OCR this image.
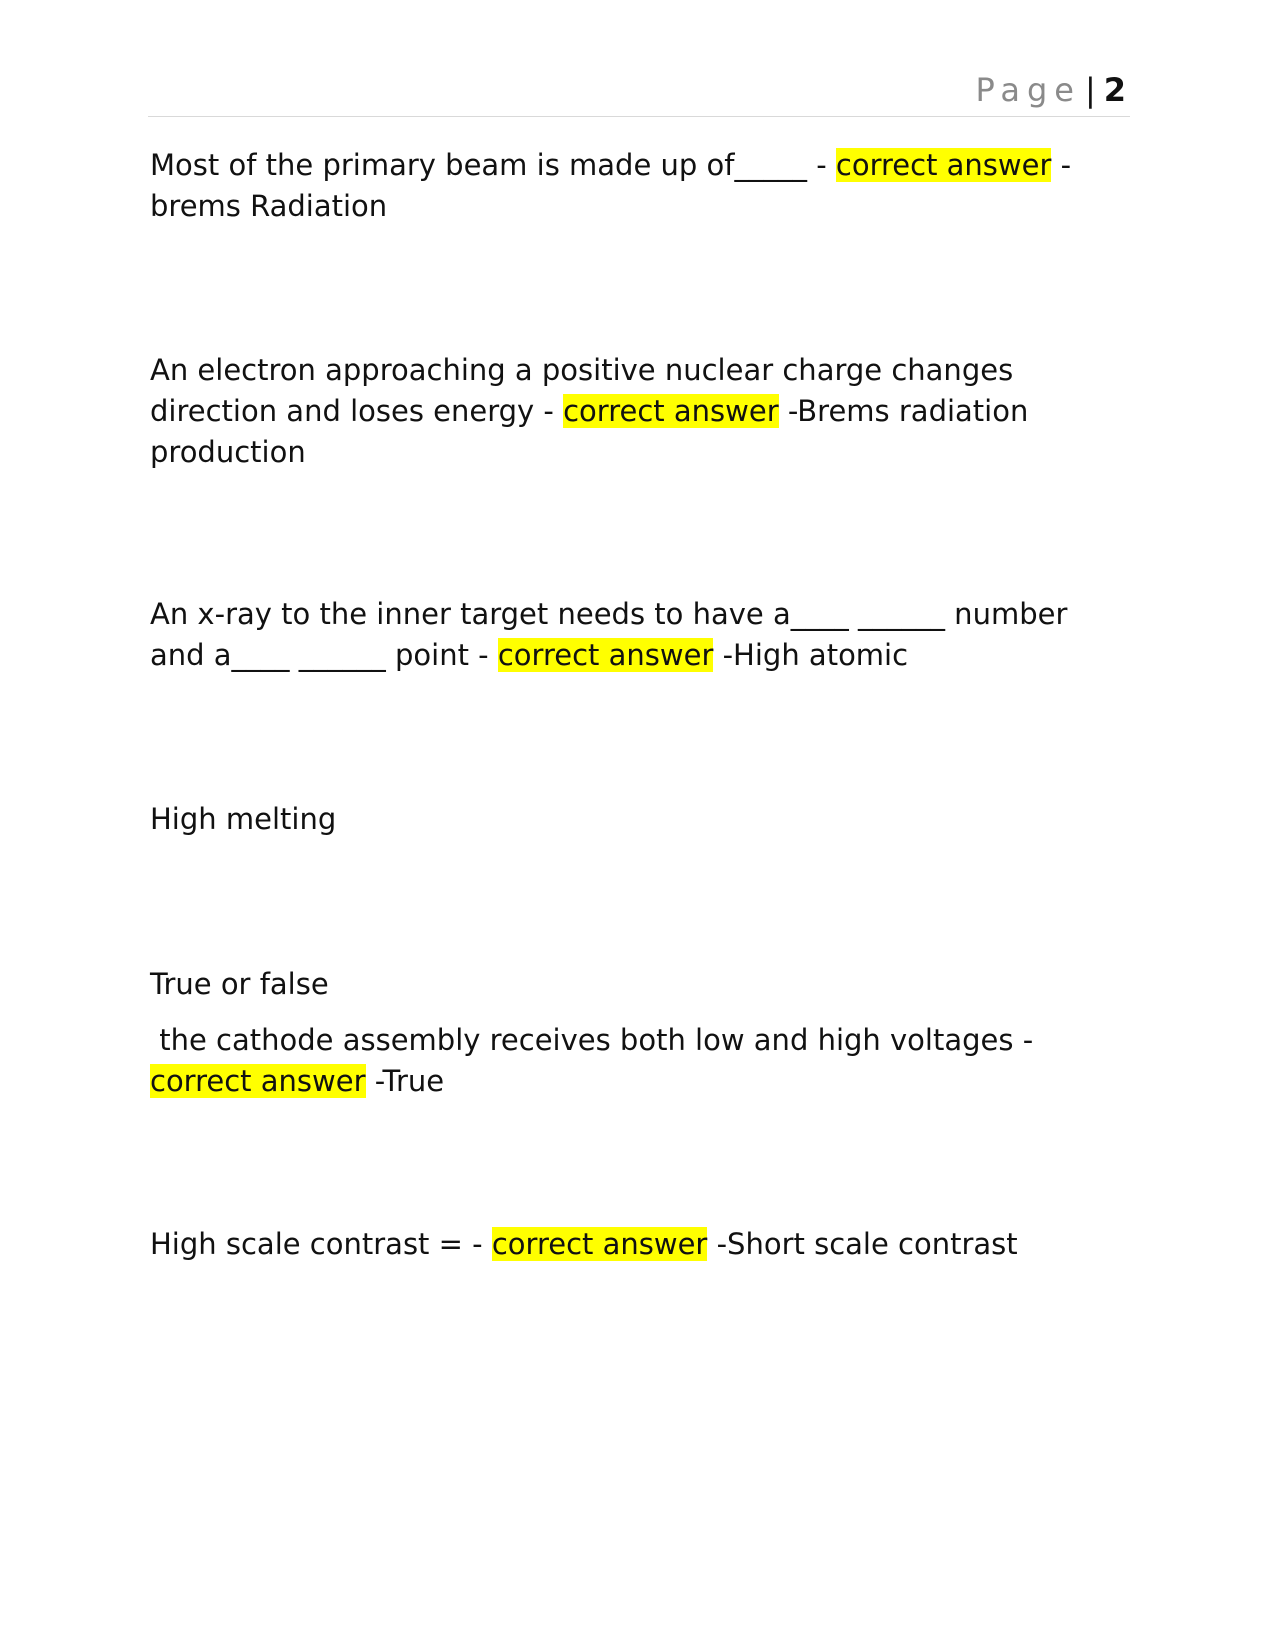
Page | 2
Most of the primary beam is made up of_____ - correct answer -
brems Radiation
An electron approaching a positive nuclear charge changes
direction and loses energy - correct answer -Brems radiation
production
An x-ray to the inner target needs to have a____ ______ number
and a____ ______ point - correct answer -High atomic
High melting
True or false
the cathode assembly receives both low and high voltages -
correct answer -True
High scale contrast = - correct answer -Short scale contrast
